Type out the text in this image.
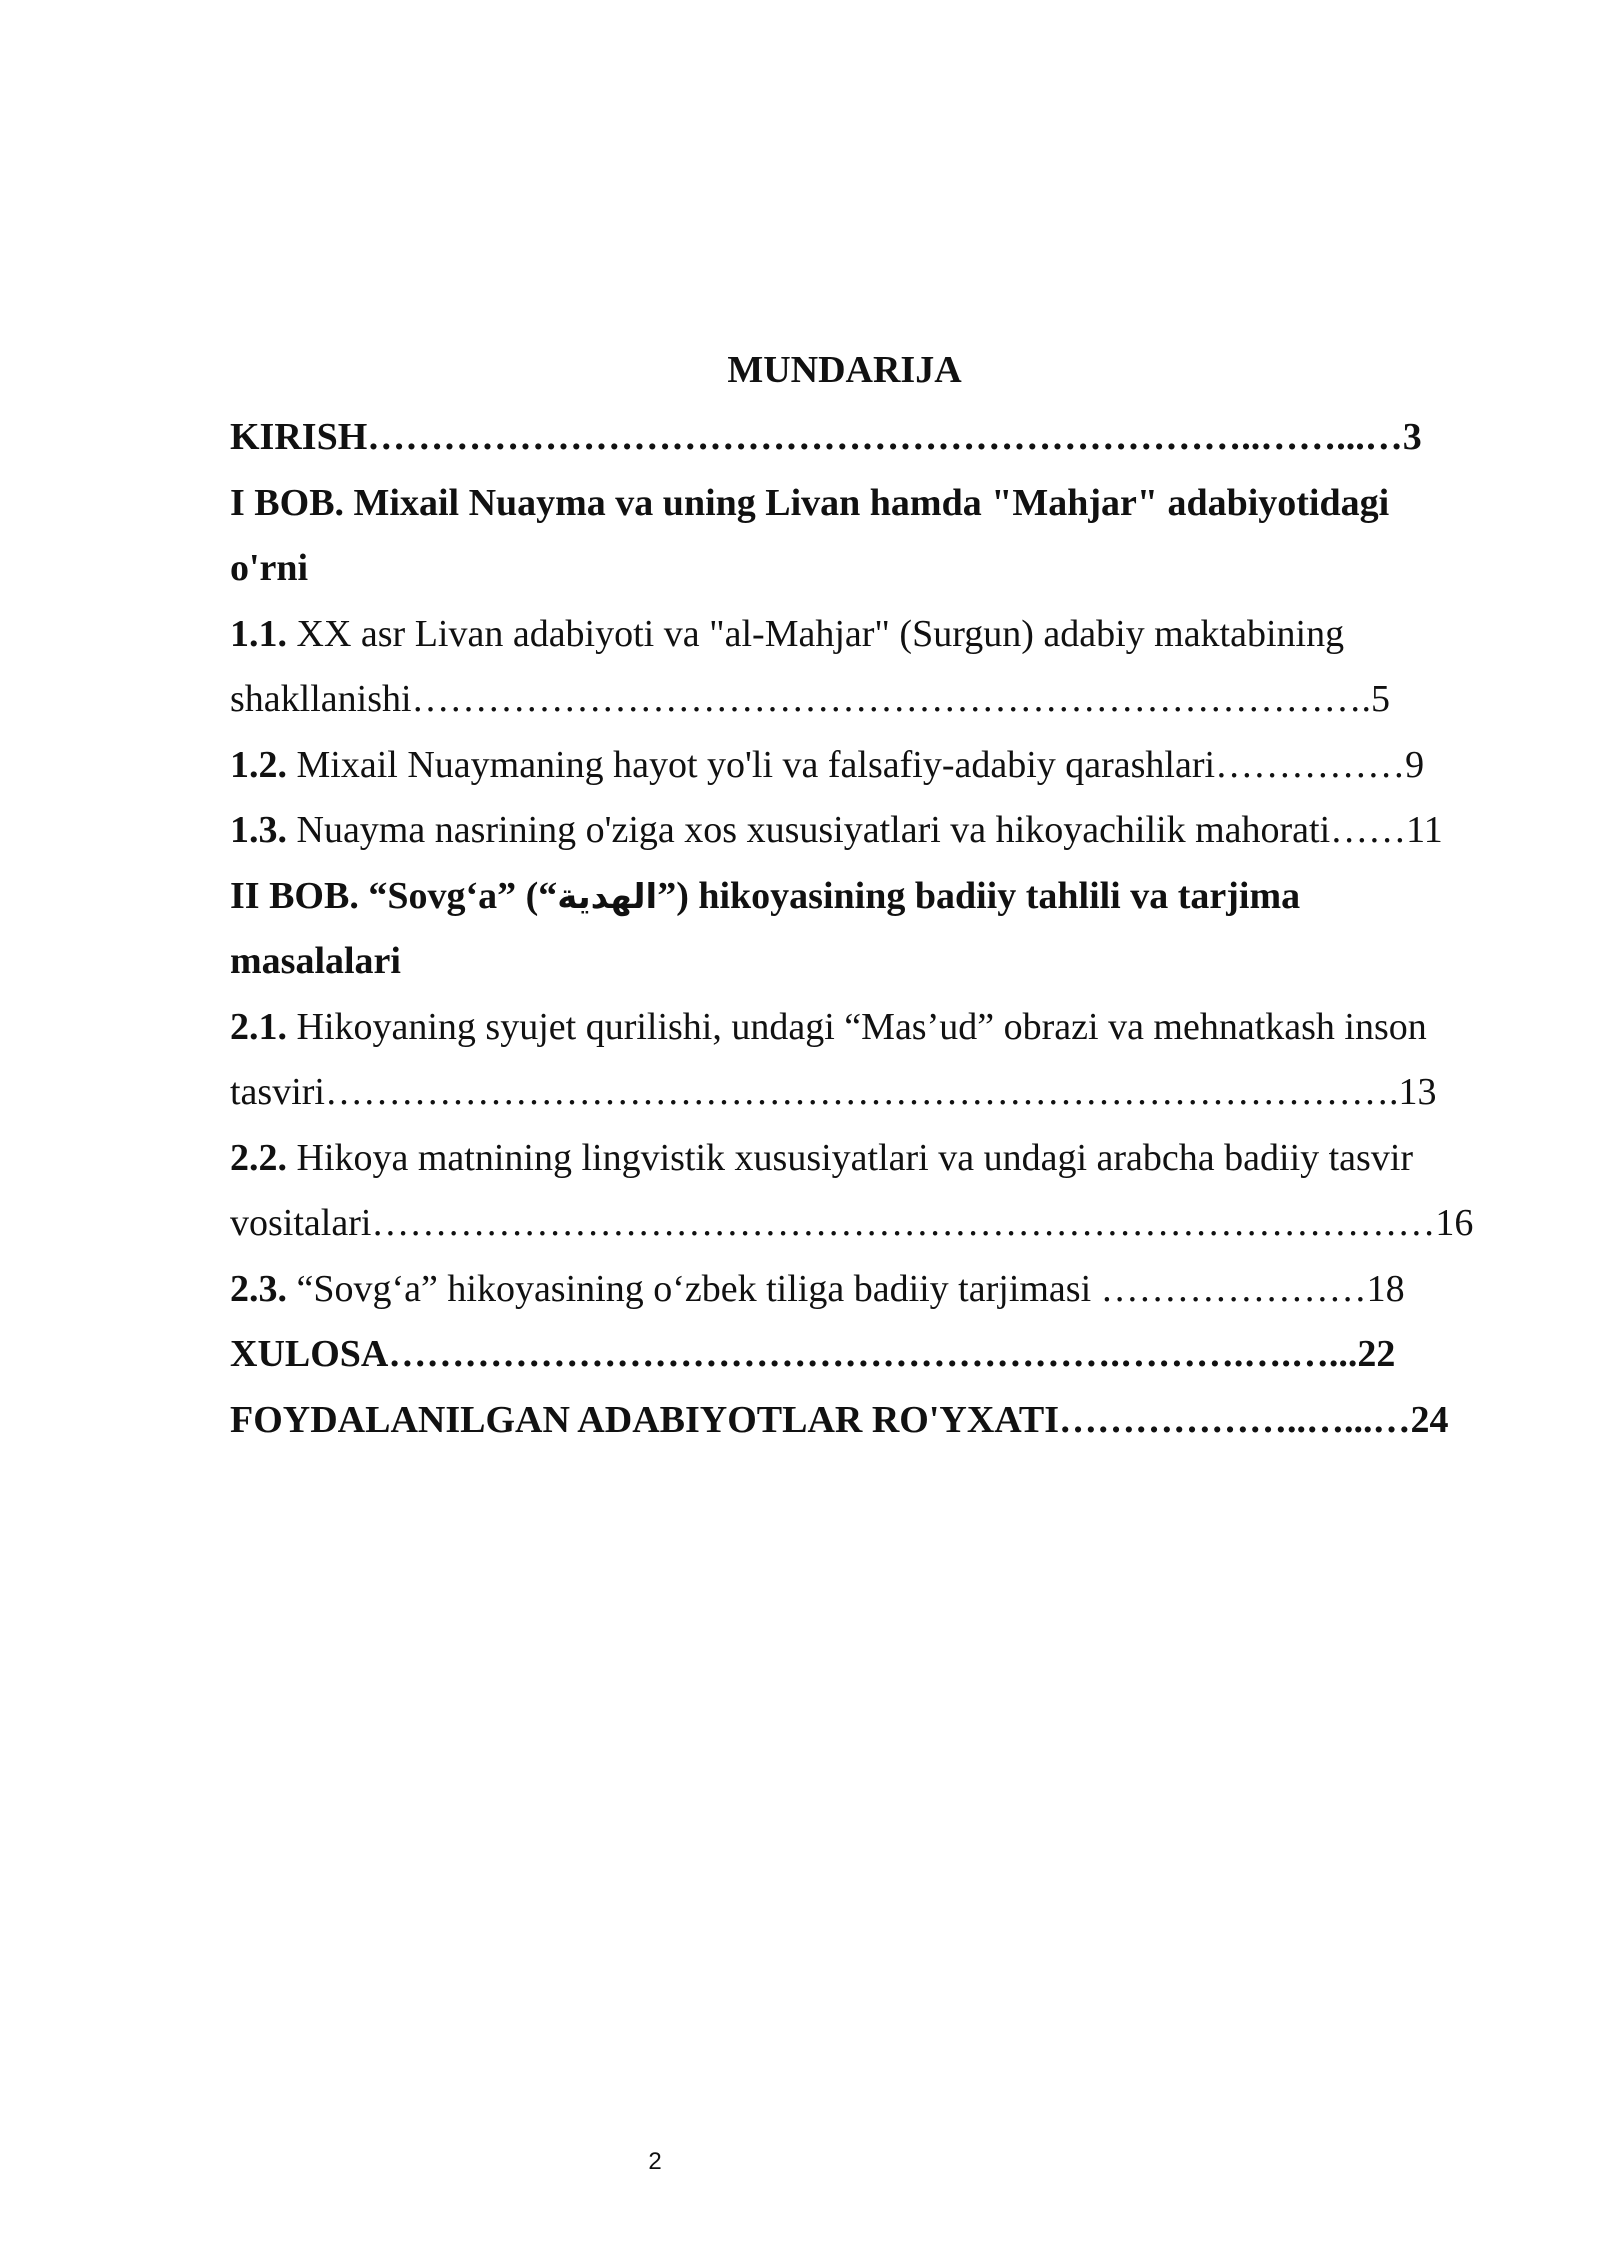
MUNDARIJA
KIRISH……………………………………………………………..……...…3
I BOB. Mixail Nuayma va uning Livan hamda "Mahjar" adabiyotidagi
o'rni
1.1. XX asr Livan adabiyoti va "al-Mahjar" (Surgun) adabiy maktabining
shakllanishi………………………………………………………………….5
1.2. Mixail Nuaymaning hayot yo'li va falsafiy-adabiy qarashlari……………9
1.3. Nuayma nasrining o'ziga xos xususiyatlari va hikoyachilik mahorati……11
II BOB. “Sovg‘a” (“الهدية”) hikoyasining badiiy tahlili va tarjima
masalalari
2.1. Hikoyaning syujet qurilishi, undagi “Mas’ud” obrazi va mehnatkash inson
tasviri………………………………………………………………………….13
2.2. Hikoya matnining lingvistik xususiyatlari va undagi arabcha badiiy tasvir
vositalari…………………………………………………………………………16
2.3. “Sovg‘a” hikoyasining o‘zbek tiliga badiiy tarjimasi …………………18
XULOSA………………………………………………….……….….…...22
FOYDALANILGAN ADABIYOTLAR RO'YXATI………………..…...…24
2
